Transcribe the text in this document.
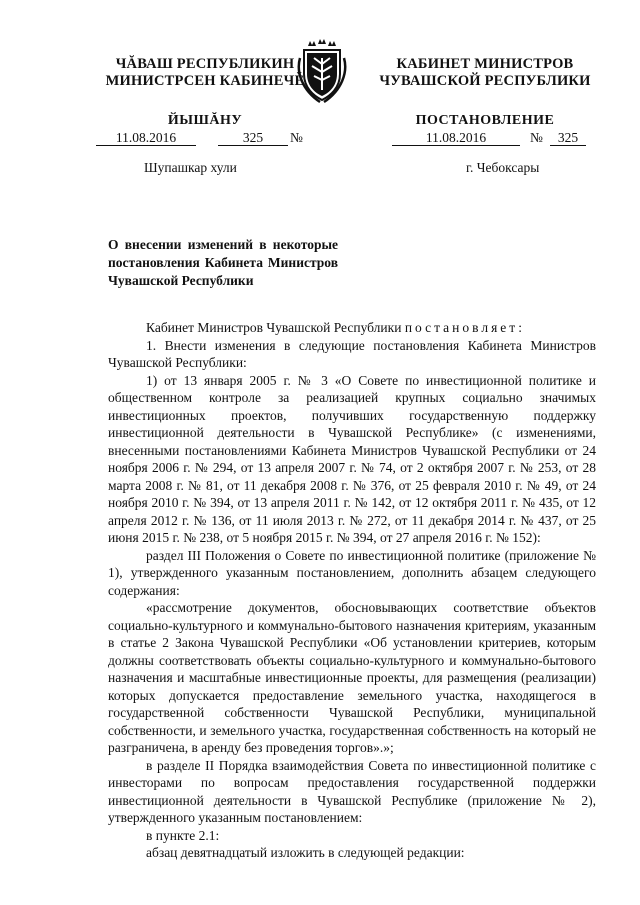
ЧĂВАШ РЕСПУБЛИКИН
МИНИСТРСЕН КАБИНЕЧĚ
ЙЫШĂНУ
КАБИНЕТ МИНИСТРОВ
ЧУВАШСКОЙ РЕСПУБЛИКИ
ПОСТАНОВЛЕНИЕ
11.08.2016	325	№	11.08.2016	№	325
Шупашкар хули	г. Чебоксары
О внесении изменений в некоторые постановления Кабинета Министров Чувашской Республики

Кабинет Министров Чувашской Республики постановляет:

1. Внести изменения в следующие постановления Кабинета Министров Чувашской Республики:

1) от 13 января 2005 г. № 3 «О Совете по инвестиционной политике и общественном контроле за реализацией крупных социально значимых инвестиционных проектов, получивших государственную поддержку инвестиционной деятельности в Чувашской Республике» (с изменениями, внесенными постановлениями Кабинета Министров Чувашской Республики от 24 ноября 2006 г. № 294, от 13 апреля 2007 г. № 74, от 2 октября 2007 г. № 253, от 28 марта 2008 г. № 81, от 11 декабря 2008 г. № 376, от 25 февраля 2010 г. № 49, от 24 ноября 2010 г. № 394, от 13 апреля 2011 г. № 142, от 12 октября 2011 г. № 435, от 12 апреля 2012 г. № 136, от 11 июля 2013 г. № 272, от 11 декабря 2014 г. № 437, от 25 июня 2015 г. № 238, от 5 ноября 2015 г. № 394, от 27 апреля 2016 г. № 152):

раздел III Положения о Совете по инвестиционной политике (приложение № 1), утвержденного указанным постановлением, дополнить абзацем следующего содержания:

«рассмотрение документов, обосновывающих соответствие объектов социально-культурного и коммунально-бытового назначения критериям, указанным в статье 2 Закона Чувашской Республики «Об установлении критериев, которым должны соответствовать объекты социально-культурного и коммунально-бытового назначения и масштабные инвестиционные проекты, для размещения (реализации) которых допускается предоставление земельного участка, находящегося в государственной собственности Чувашской Республики, муниципальной собственности, и земельного участка, государственная собственность на который не разграничена, в аренду без проведения торгов».»;

в разделе II Порядка взаимодействия Совета по инвестиционной политике с инвесторами по вопросам предоставления государственной поддержки инвестиционной деятельности в Чувашской Республике (приложение № 2), утвержденного указанным постановлением:

в пункте 2.1:

абзац девятнадцатый изложить в следующей редакции:
